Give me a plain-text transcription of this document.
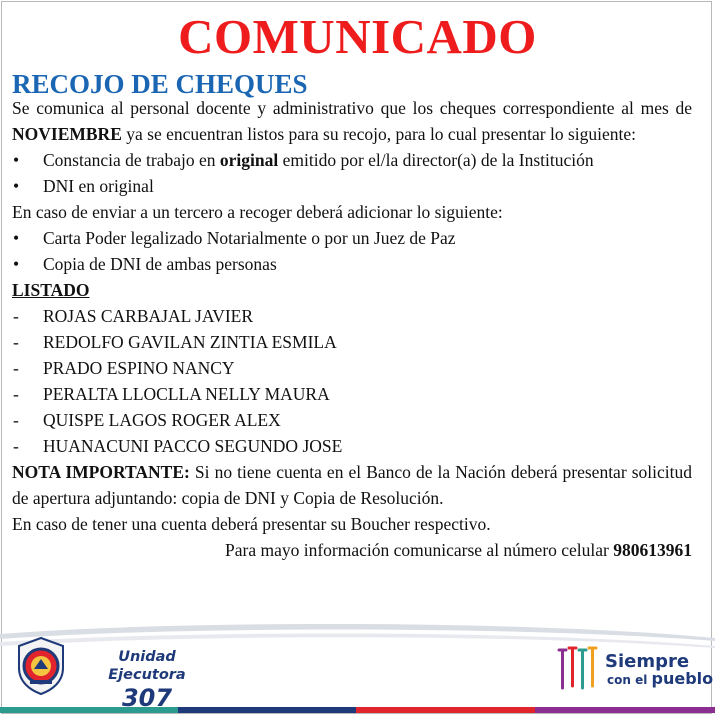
COMUNICADO
RECOJO DE CHEQUES

Se comunica al personal docente y administrativo que los cheques correspondiente al mes de NOVIEMBRE ya se encuentran listos para su recojo, para lo cual presentar lo siguiente:

• Constancia de trabajo en original emitido por el/la director(a) de la Institución
• DNI en original

En caso de enviar a un tercero a recoger deberá adicionar lo siguiente:

• Carta Poder legalizado Notarialmente o por un Juez de Paz
• Copia de DNI de ambas personas

LISTADO

- ROJAS CARBAJAL JAVIER
- REDOLFO GAVILAN ZINTIA ESMILA
- PRADO ESPINO NANCY
- PERALTA LLOCLLA NELLY MAURA
- QUISPE LAGOS ROGER ALEX
- HUANACUNI PACCO SEGUNDO JOSE

NOTA IMPORTANTE: Si no tiene cuenta en el Banco de la Nación deberá presentar solicitud de apertura adjuntando: copia de DNI y Copia de Resolución.

En caso de tener una cuenta deberá presentar su Boucher respectivo.

Para mayo información comunicarse al número celular 980613961

Unidad Ejecutora
307
Siempre
con el pueblo
